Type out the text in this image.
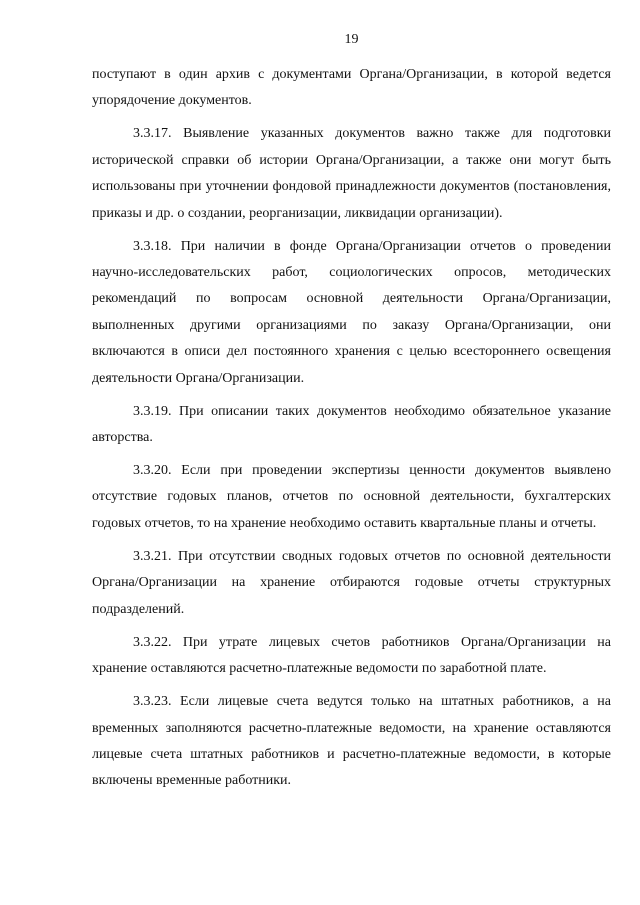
19

поступают в один архив с документами Органа/Организации, в которой ведется упорядочение документов.

3.3.17. Выявление указанных документов важно также для подготовки исторической справки об истории Органа/Организации, а также они могут быть использованы при уточнении фондовой принадлежности документов (постановления, приказы и др. о создании, реорганизации, ликвидации организации).

3.3.18. При наличии в фонде Органа/Организации отчетов о проведении научно-исследовательских работ, социологических опросов, методических рекомендаций по вопросам основной деятельности Органа/Организации, выполненных другими организациями по заказу Органа/Организации, они включаются в описи дел постоянного хранения с целью всестороннего освещения деятельности Органа/Организации.

3.3.19. При описании таких документов необходимо обязательное указание авторства.

3.3.20. Если при проведении экспертизы ценности документов выявлено отсутствие годовых планов, отчетов по основной деятельности, бухгалтерских годовых отчетов, то на хранение необходимо оставить квартальные планы и отчеты.

3.3.21. При отсутствии сводных годовых отчетов по основной деятельности Органа/Организации на хранение отбираются годовые отчеты структурных подразделений.

3.3.22. При утрате лицевых счетов работников Органа/Организации на хранение оставляются расчетно-платежные ведомости по заработной плате.

3.3.23. Если лицевые счета ведутся только на штатных работников, а на временных заполняются расчетно-платежные ведомости, на хранение оставляются лицевые счета штатных работников и расчетно-платежные ведомости, в которые включены временные работники.
